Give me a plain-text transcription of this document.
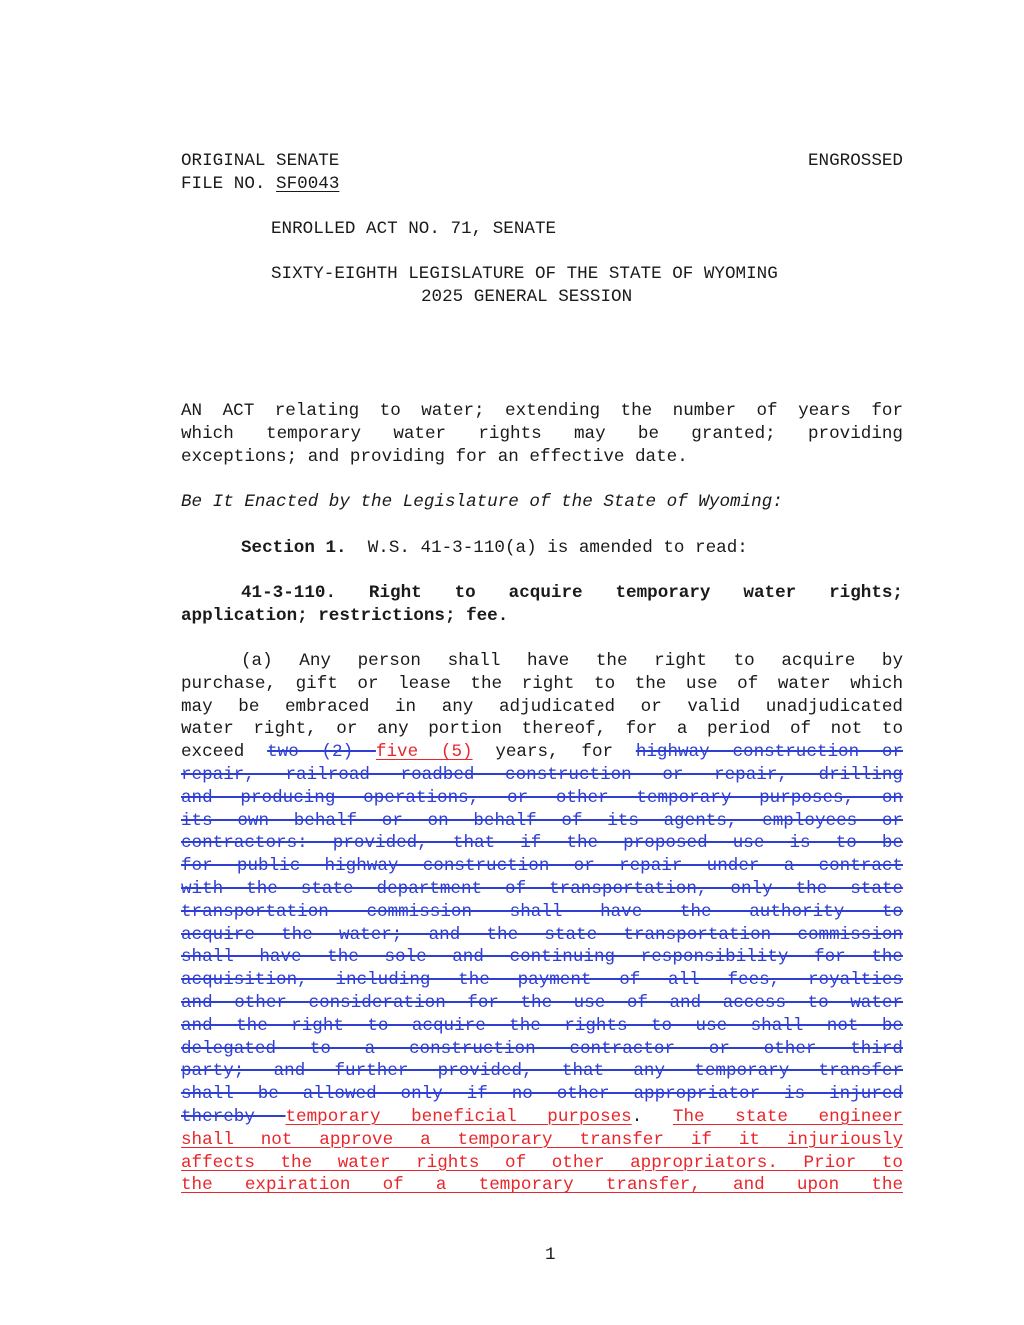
ORIGINAL SENATE	ENGROSSED
FILE NO. SF0043
ENROLLED ACT NO. 71, SENATE
SIXTY-EIGHTH LEGISLATURE OF THE STATE OF WYOMING
2025 GENERAL SESSION
AN ACT relating to water; extending the number of years for
which temporary water rights may be granted; providing
exceptions; and providing for an effective date.
Be It Enacted by the Legislature of the State of Wyoming:
Section 1. W.S. 41-3-110(a) is amended to read:
41-3-110. Right to acquire temporary water rights;
application; restrictions; fee.
(a) Any person shall have the right to acquire by
purchase, gift or lease the right to the use of water which
may be embraced in any adjudicated or valid unadjudicated
water right, or any portion thereof, for a period of not to
exceed two (2) five (5) years, for highway construction or
repair, railroad roadbed construction or repair, drilling
and producing operations, or other temporary purposes, on
its own behalf or on behalf of its agents, employees or
contractors: provided, that if the proposed use is to be
for public highway construction or repair under a contract
with the state department of transportation, only the state
transportation commission shall have the authority to
acquire the water; and the state transportation commission
shall have the sole and continuing responsibility for the
acquisition, including the payment of all fees, royalties
and other consideration for the use of and access to water
and the right to acquire the rights to use shall not be
delegated to a construction contractor or other third
party; and further provided, that any temporary transfer
shall be allowed only if no other appropriator is injured
thereby temporary beneficial purposes. The state engineer
shall not approve a temporary transfer if it injuriously
affects the water rights of other appropriators. Prior to
the expiration of a temporary transfer, and upon the
1
